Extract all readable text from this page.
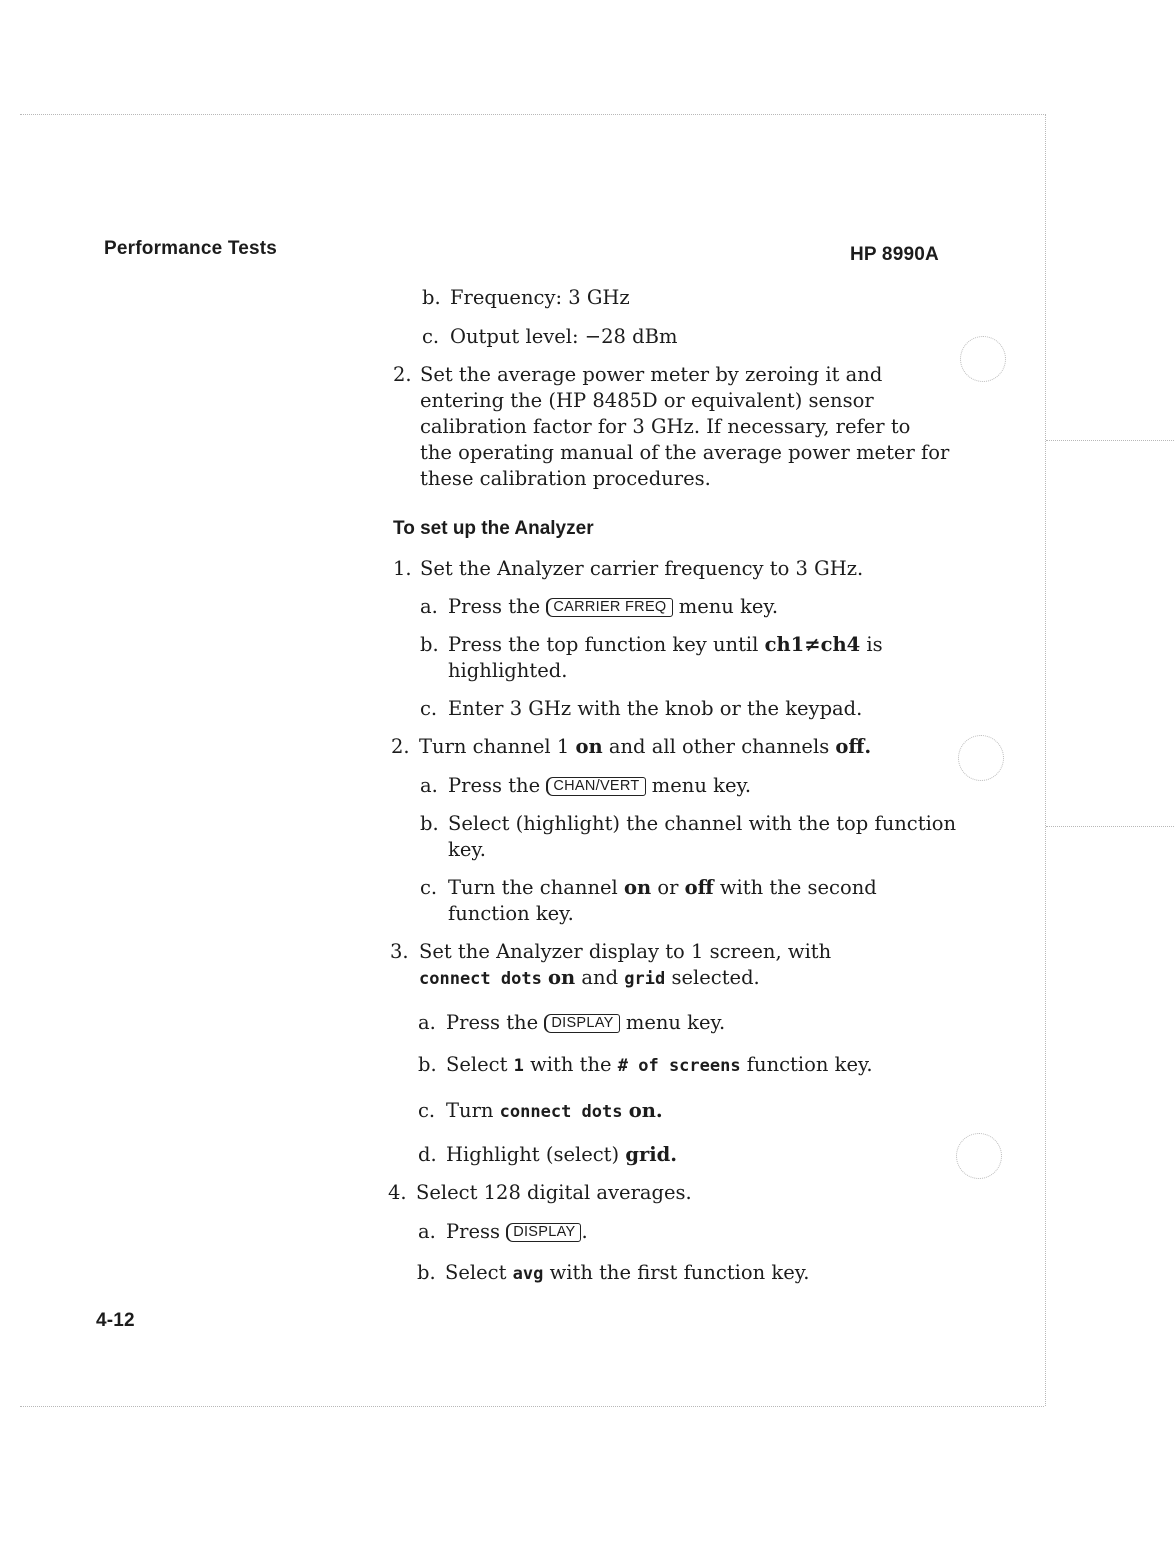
Performance Tests	HP 8990A
4-12
b. Frequency: 3 GHz
c. Output level: −28 dBm
2. Set the average power meter by zeroing it and
entering the (HP 8485D or equivalent) sensor
calibration factor for 3 GHz. If necessary, refer to
the operating manual of the average power meter for
these calibration procedures.
To set up the Analyzer
1. Set the Analyzer carrier frequency to 3 GHz.
a. Press the CARRIER FREQ menu key.
b. Press the top function key until ch1≠ch4 is
highlighted.
c. Enter 3 GHz with the knob or the keypad.
2. Turn channel 1 on and all other channels off.
a. Press the CHAN/VERT menu key.
b. Select (highlight) the channel with the top function
key.
c. Turn the channel on or off with the second
function key.
3. Set the Analyzer display to 1 screen, with
connect dots on and grid selected.
a. Press the DISPLAY menu key.
b. Select 1 with the # of screens function key.
c. Turn connect dots on.
d. Highlight (select) grid.
4. Select 128 digital averages.
a. Press DISPLAY .
b. Select avg with the first function key.
